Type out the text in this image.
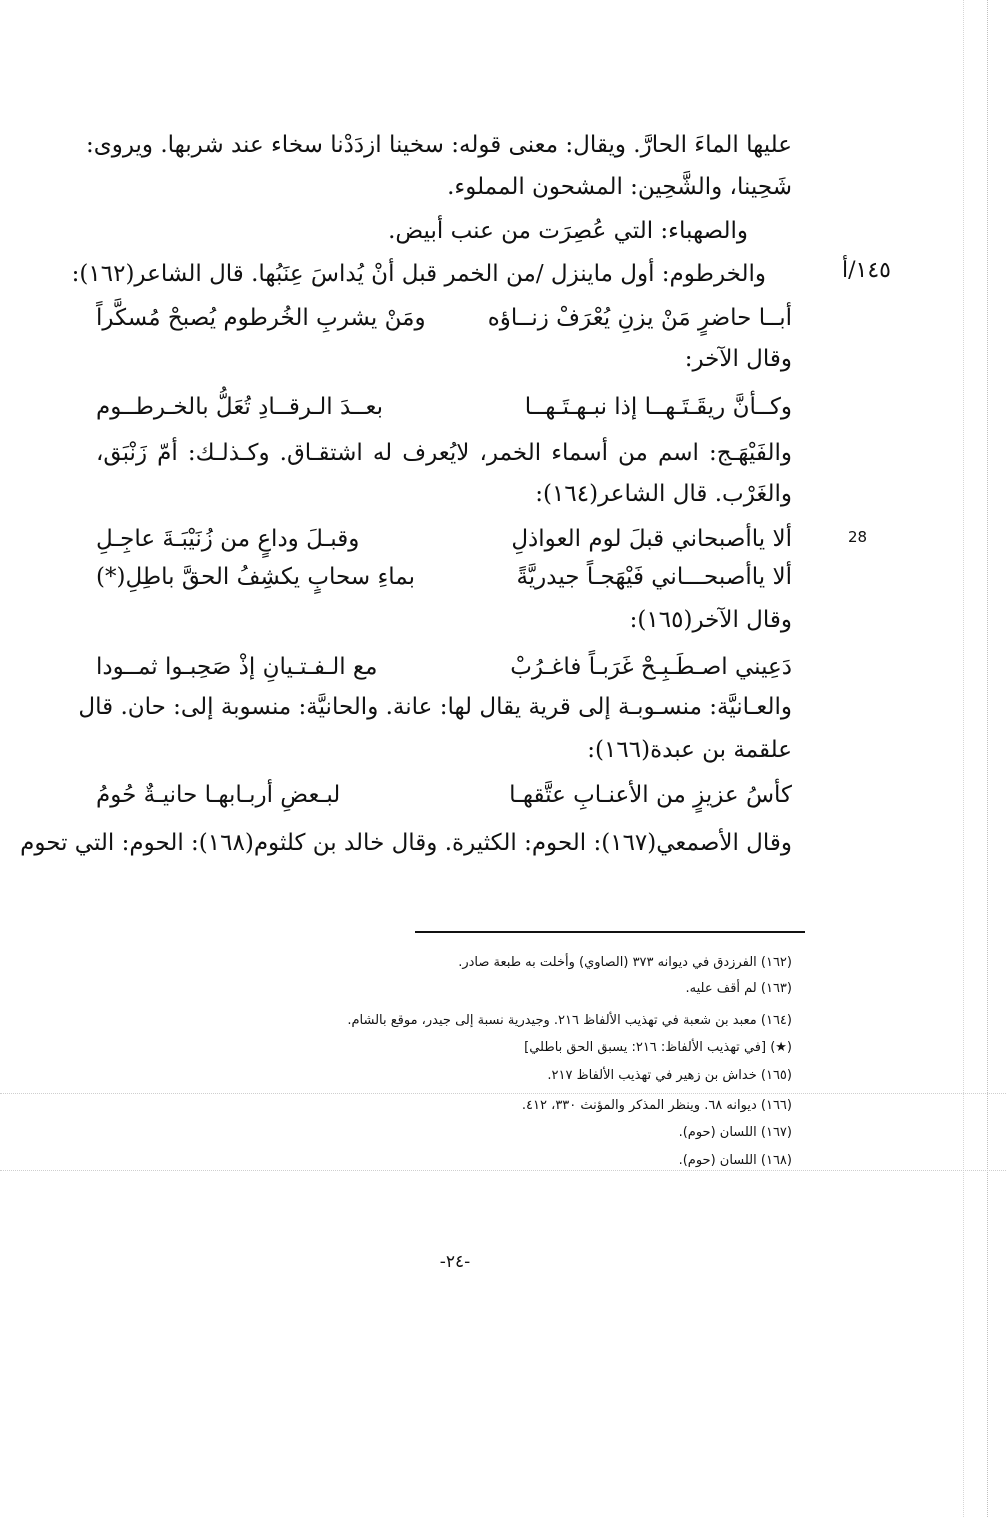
عليها الماءَ الحارَّ. ويقال: معنى قوله: سخينا ازدَدْنا سخاء عند شربها. ويروى:
شَحِينا، والشَّحِين: المشحون المملوء.
والصهباء: التي عُصِرَت من عنب أبيض.
والخرطوم: أول ماينزل /من الخمر قبل أنْ يُداسَ عِنَبُها. قال الشاعر(١٦٢):	١٤٥/أ
أبــا حاضرٍ مَنْ يزنِ يُعْرَفْ زنــاؤه
ومَنْ يشربِ الخُرطوم يُصبحْ مُسكَّراً
وقال الآخر:
وكــأنَّ ريقَـتَـهــا إذا نبـهـتَـهــا
بعــدَ الـرقــادِ تُعَلُّ بالخـرطــوم
والفَيْهَـج: اسم من أسماء الخمر، لايُعرف له اشتقـاق. وكـذلـك: أمّ زَنْبَق،
والغَرْب. قال الشاعر(١٦٤):
28
ألا ياأصبحاني قبلَ لوم العواذلِ
وقبـلَ وداعٍ من زُنَيْبَـةَ عاجِـلِ
ألا ياأصبحـــاني فَيْهَجـاً جيدريَّةً
بماءِ سحابٍ يكشِفُ الحقَّ باطِلِ(*)
وقال الآخر(١٦٥):
دَعِيني اصـطَـبِـحْ غَرَبـاً فاغـرُبْ
مع الـفـتـيانِ إذْ صَحِبـوا ثمــودا
والعـانيَّة: منسـوبـة إلى قرية يقال لها: عانة. والحانيَّة: منسوبة إلى: حان. قال
علقمة بن عبدة(١٦٦):
كأسُ عزيزٍ من الأعنـابِ عتَّقهـا
لبـعضِ أربـابهـا حانيـةٌ حُومُ
وقال الأصمعي(١٦٧): الحوم: الكثيرة. وقال خالد بن كلثوم(١٦٨): الحوم: التي تحوم
(١٦٢) الفرزدق في ديوانه ٣٧٣ (الصاوي) وأخلت به طبعة صادر.
(١٦٣) لم أقف عليه.
(١٦٤) معبد بن شعبة في تهذيب الألفاظ ٢١٦. وجيدرية نسبة إلى جيدر، موقع بالشام.
(★) [في تهذيب الألفاظ: ٢١٦: يسبق الحق باطلي]
(١٦٥) خداش بن زهير في تهذيب الألفاظ ٢١٧.
(١٦٦) ديوانه ٦٨. وينظر المذكر والمؤنث ٣٣٠، ٤١٢.
(١٦٧) اللسان (حوم).
(١٦٨) اللسان (حوم).
-٢٤-
